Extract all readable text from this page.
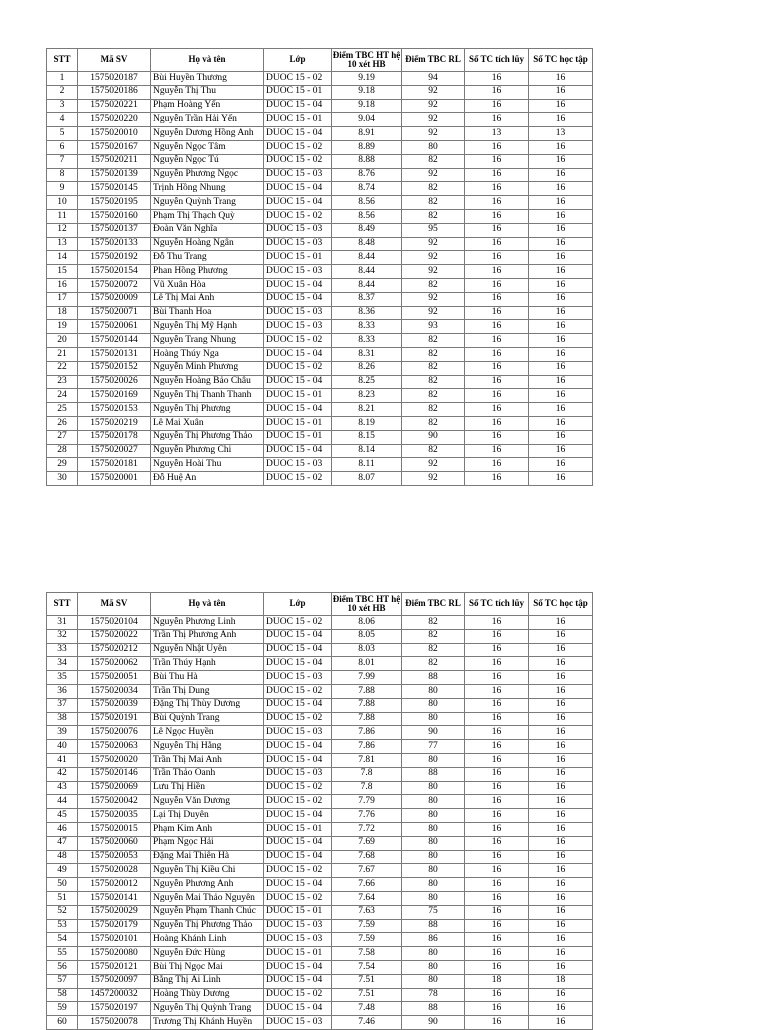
STT	Mã SV	Họ và tên	Lớp	Điểm TBC HT hệ 10 xét HB	Điểm TBC RL	Số TC tích lũy	Số TC học tập
1	1575020187	Bùi Huyền Thương	DUOC 15 - 02	9.19	94	16	16
2	1575020186	Nguyễn Thị Thu	DUOC 15 - 01	9.18	92	16	16
3	1575020221	Phạm Hoàng Yến	DUOC 15 - 04	9.18	92	16	16
4	1575020220	Nguyễn Trần Hải Yến	DUOC 15 - 01	9.04	92	16	16
5	1575020010	Nguyễn Dương Hồng Anh	DUOC 15 - 04	8.91	92	13	13
6	1575020167	Nguyễn Ngọc Tâm	DUOC 15 - 02	8.89	80	16	16
7	1575020211	Nguyễn Ngọc Tú	DUOC 15 - 02	8.88	82	16	16
8	1575020139	Nguyễn Phương Ngọc	DUOC 15 - 03	8.76	92	16	16
9	1575020145	Trịnh Hồng Nhung	DUOC 15 - 04	8.74	82	16	16
10	1575020195	Nguyễn Quỳnh Trang	DUOC 15 - 04	8.56	82	16	16
11	1575020160	Phạm Thị Thạch Quỳ	DUOC 15 - 02	8.56	82	16	16
12	1575020137	Đoàn Văn Nghĩa	DUOC 15 - 03	8.49	95	16	16
13	1575020133	Nguyễn Hoàng Ngân	DUOC 15 - 03	8.48	92	16	16
14	1575020192	Đỗ Thu Trang	DUOC 15 - 01	8.44	92	16	16
15	1575020154	Phan Hồng Phương	DUOC 15 - 03	8.44	92	16	16
16	1575020072	Vũ Xuân Hòa	DUOC 15 - 04	8.44	82	16	16
17	1575020009	Lê Thị Mai Anh	DUOC 15 - 04	8.37	92	16	16
18	1575020071	Bùi Thanh Hoa	DUOC 15 - 03	8.36	92	16	16
19	1575020061	Nguyễn Thị Mỹ Hạnh	DUOC 15 - 03	8.33	93	16	16
20	1575020144	Nguyễn Trang Nhung	DUOC 15 - 02	8.33	82	16	16
21	1575020131	Hoàng Thúy Nga	DUOC 15 - 04	8.31	82	16	16
22	1575020152	Nguyễn Minh Phương	DUOC 15 - 02	8.26	82	16	16
23	1575020026	Nguyễn Hoàng Bảo Châu	DUOC 15 - 04	8.25	82	16	16
24	1575020169	Nguyễn Thị Thanh Thanh	DUOC 15 - 01	8.23	82	16	16
25	1575020153	Nguyễn Thị Phương	DUOC 15 - 04	8.21	82	16	16
26	1575020219	Lê Mai Xuân	DUOC 15 - 01	8.19	82	16	16
27	1575020178	Nguyễn Thị Phương Thảo	DUOC 15 - 01	8.15	90	16	16
28	1575020027	Nguyễn Phương Chi	DUOC 15 - 04	8.14	82	16	16
29	1575020181	Nguyễn Hoài Thu	DUOC 15 - 03	8.11	92	16	16
30	1575020001	Đỗ Huệ An	DUOC 15 - 02	8.07	92	16	16
STT	Mã SV	Họ và tên	Lớp	Điểm TBC HT hệ 10 xét HB	Điểm TBC RL	Số TC tích lũy	Số TC học tập
31	1575020104	Nguyễn Phương Linh	DUOC 15 - 02	8.06	82	16	16
32	1575020022	Trần Thị Phương Anh	DUOC 15 - 04	8.05	82	16	16
33	1575020212	Nguyễn Nhật Uyên	DUOC 15 - 04	8.03	82	16	16
34	1575020062	Trần Thúy Hạnh	DUOC 15 - 04	8.01	82	16	16
35	1575020051	Bùi Thu Hà	DUOC 15 - 03	7.99	88	16	16
36	1575020034	Trần Thị Dung	DUOC 15 - 02	7.88	80	16	16
37	1575020039	Đặng Thị Thùy Dương	DUOC 15 - 04	7.88	80	16	16
38	1575020191	Bùi Quỳnh Trang	DUOC 15 - 02	7.88	80	16	16
39	1575020076	Lê Ngọc Huyền	DUOC 15 - 03	7.86	90	16	16
40	1575020063	Nguyễn Thị Hằng	DUOC 15 - 04	7.86	77	16	16
41	1575020020	Trần Thị Mai Anh	DUOC 15 - 04	7.81	80	16	16
42	1575020146	Trần Thảo Oanh	DUOC 15 - 03	7.8	88	16	16
43	1575020069	Lưu Thị Hiền	DUOC 15 - 02	7.8	80	16	16
44	1575020042	Nguyễn Văn Dương	DUOC 15 - 02	7.79	80	16	16
45	1575020035	Lại Thị Duyên	DUOC 15 - 04	7.76	80	16	16
46	1575020015	Phạm Kim Anh	DUOC 15 - 01	7.72	80	16	16
47	1575020060	Phạm Ngọc Hải	DUOC 15 - 04	7.69	80	16	16
48	1575020053	Đặng Mai Thiên Hà	DUOC 15 - 04	7.68	80	16	16
49	1575020028	Nguyễn Thị Kiều Chi	DUOC 15 - 02	7.67	80	16	16
50	1575020012	Nguyễn Phương Anh	DUOC 15 - 04	7.66	80	16	16
51	1575020141	Nguyễn Mai Thảo Nguyên	DUOC 15 - 02	7.64	80	16	16
52	1575020029	Nguyễn Phạm Thanh Chúc	DUOC 15 - 01	7.63	75	16	16
53	1575020179	Nguyễn Thị Phương Thảo	DUOC 15 - 03	7.59	88	16	16
54	1575020101	Hoàng Khánh Linh	DUOC 15 - 03	7.59	86	16	16
55	1575020080	Nguyễn Đức Hùng	DUOC 15 - 01	7.58	80	16	16
56	1575020121	Bùi Thị Ngọc Mai	DUOC 15 - 04	7.54	80	16	16
57	1575020097	Bằng Thị Ái Linh	DUOC 15 - 04	7.51	80	18	18
58	1457200032	Hoàng Thùy Dương	DUOC 15 - 02	7.51	78	16	16
59	1575020197	Nguyễn Thị Quỳnh Trang	DUOC 15 - 04	7.48	88	16	16
60	1575020078	Trương Thị Khánh Huyền	DUOC 15 - 03	7.46	90	16	16
